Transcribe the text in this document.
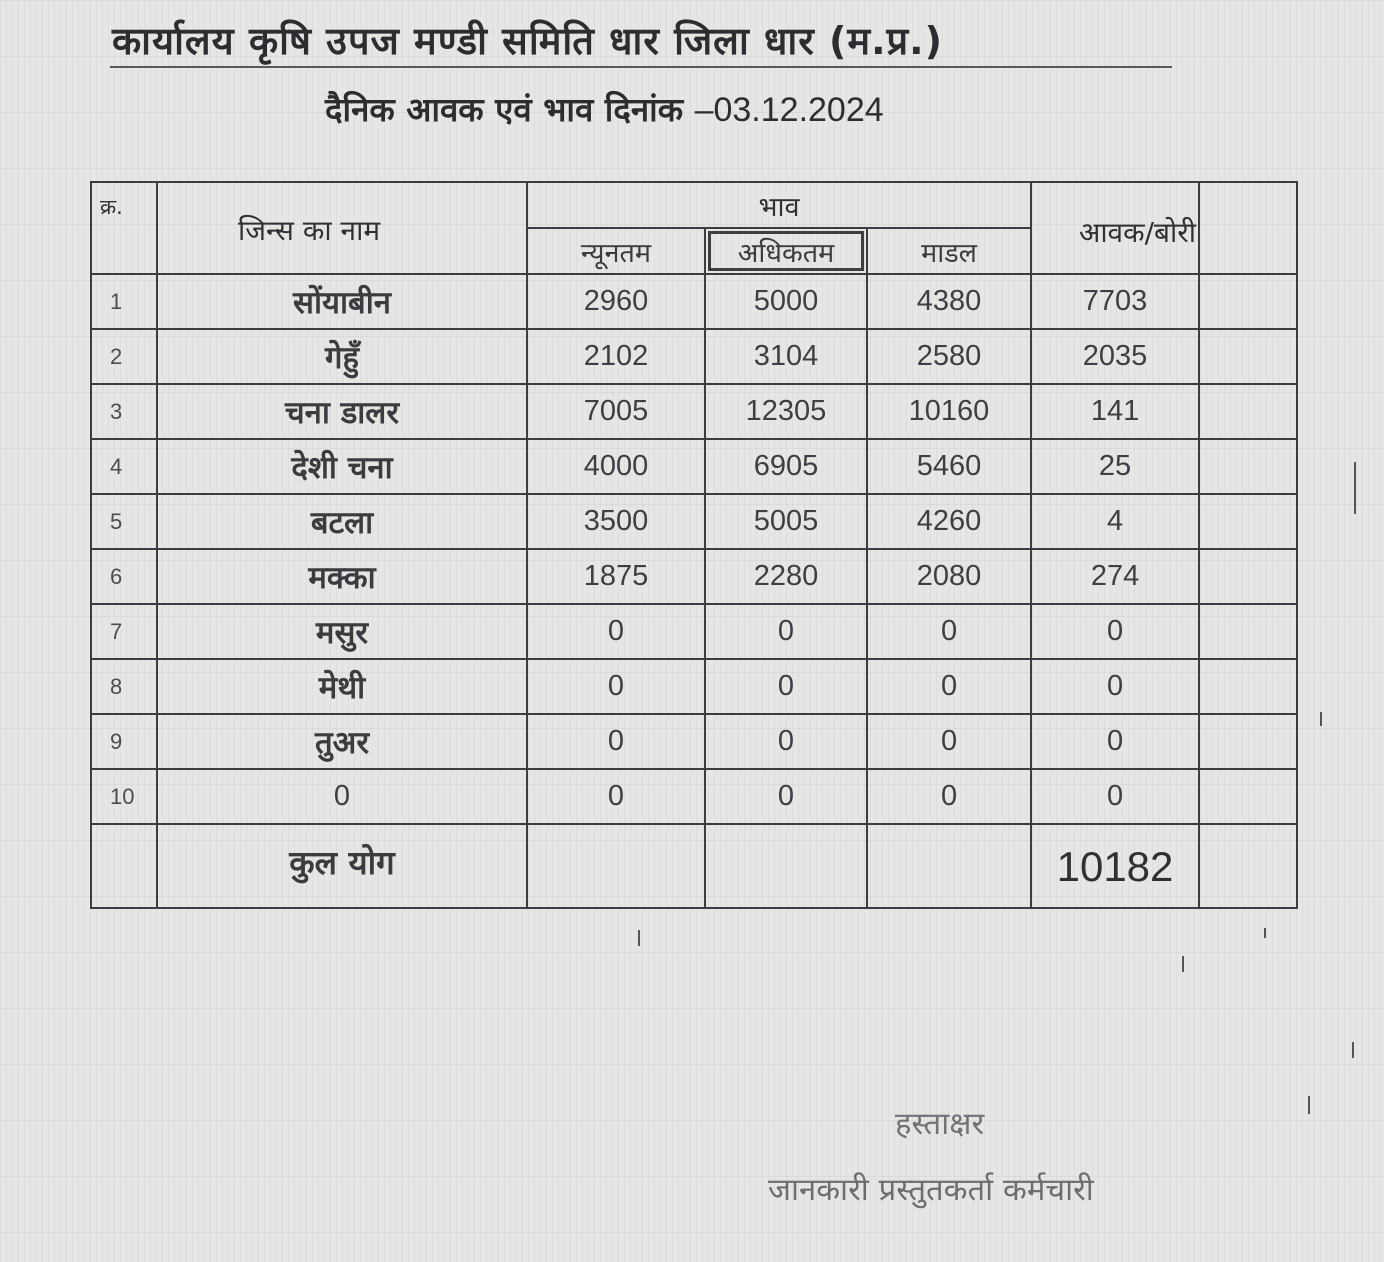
कार्यालय कृषि उपज मण्डी समिति धार जिला धार (म.प्र.)
दैनिक आवक एवं भाव दिनांक –03.12.2024
क्र.	जिन्स का नाम	भाव			आवक/बोरी	
		न्यूनतम	अधिकतम	माडल		
1	सोंयाबीन	2960	5000	4380	7703	
2	गेहुँ	2102	3104	2580	2035	
3	चना डालर	7005	12305	10160	141	
4	देशी चना	4000	6905	5460	25	
5	बटला	3500	5005	4260	4	
6	मक्का	1875	2280	2080	274	
7	मसुर	0	0	0	0	
8	मेथी	0	0	0	0	
9	तुअर	0	0	0	0	
10	0	0	0	0	0	
	कुल योग				10182	
हस्ताक्षर
जानकारी प्रस्तुतकर्ता कर्मचारी
